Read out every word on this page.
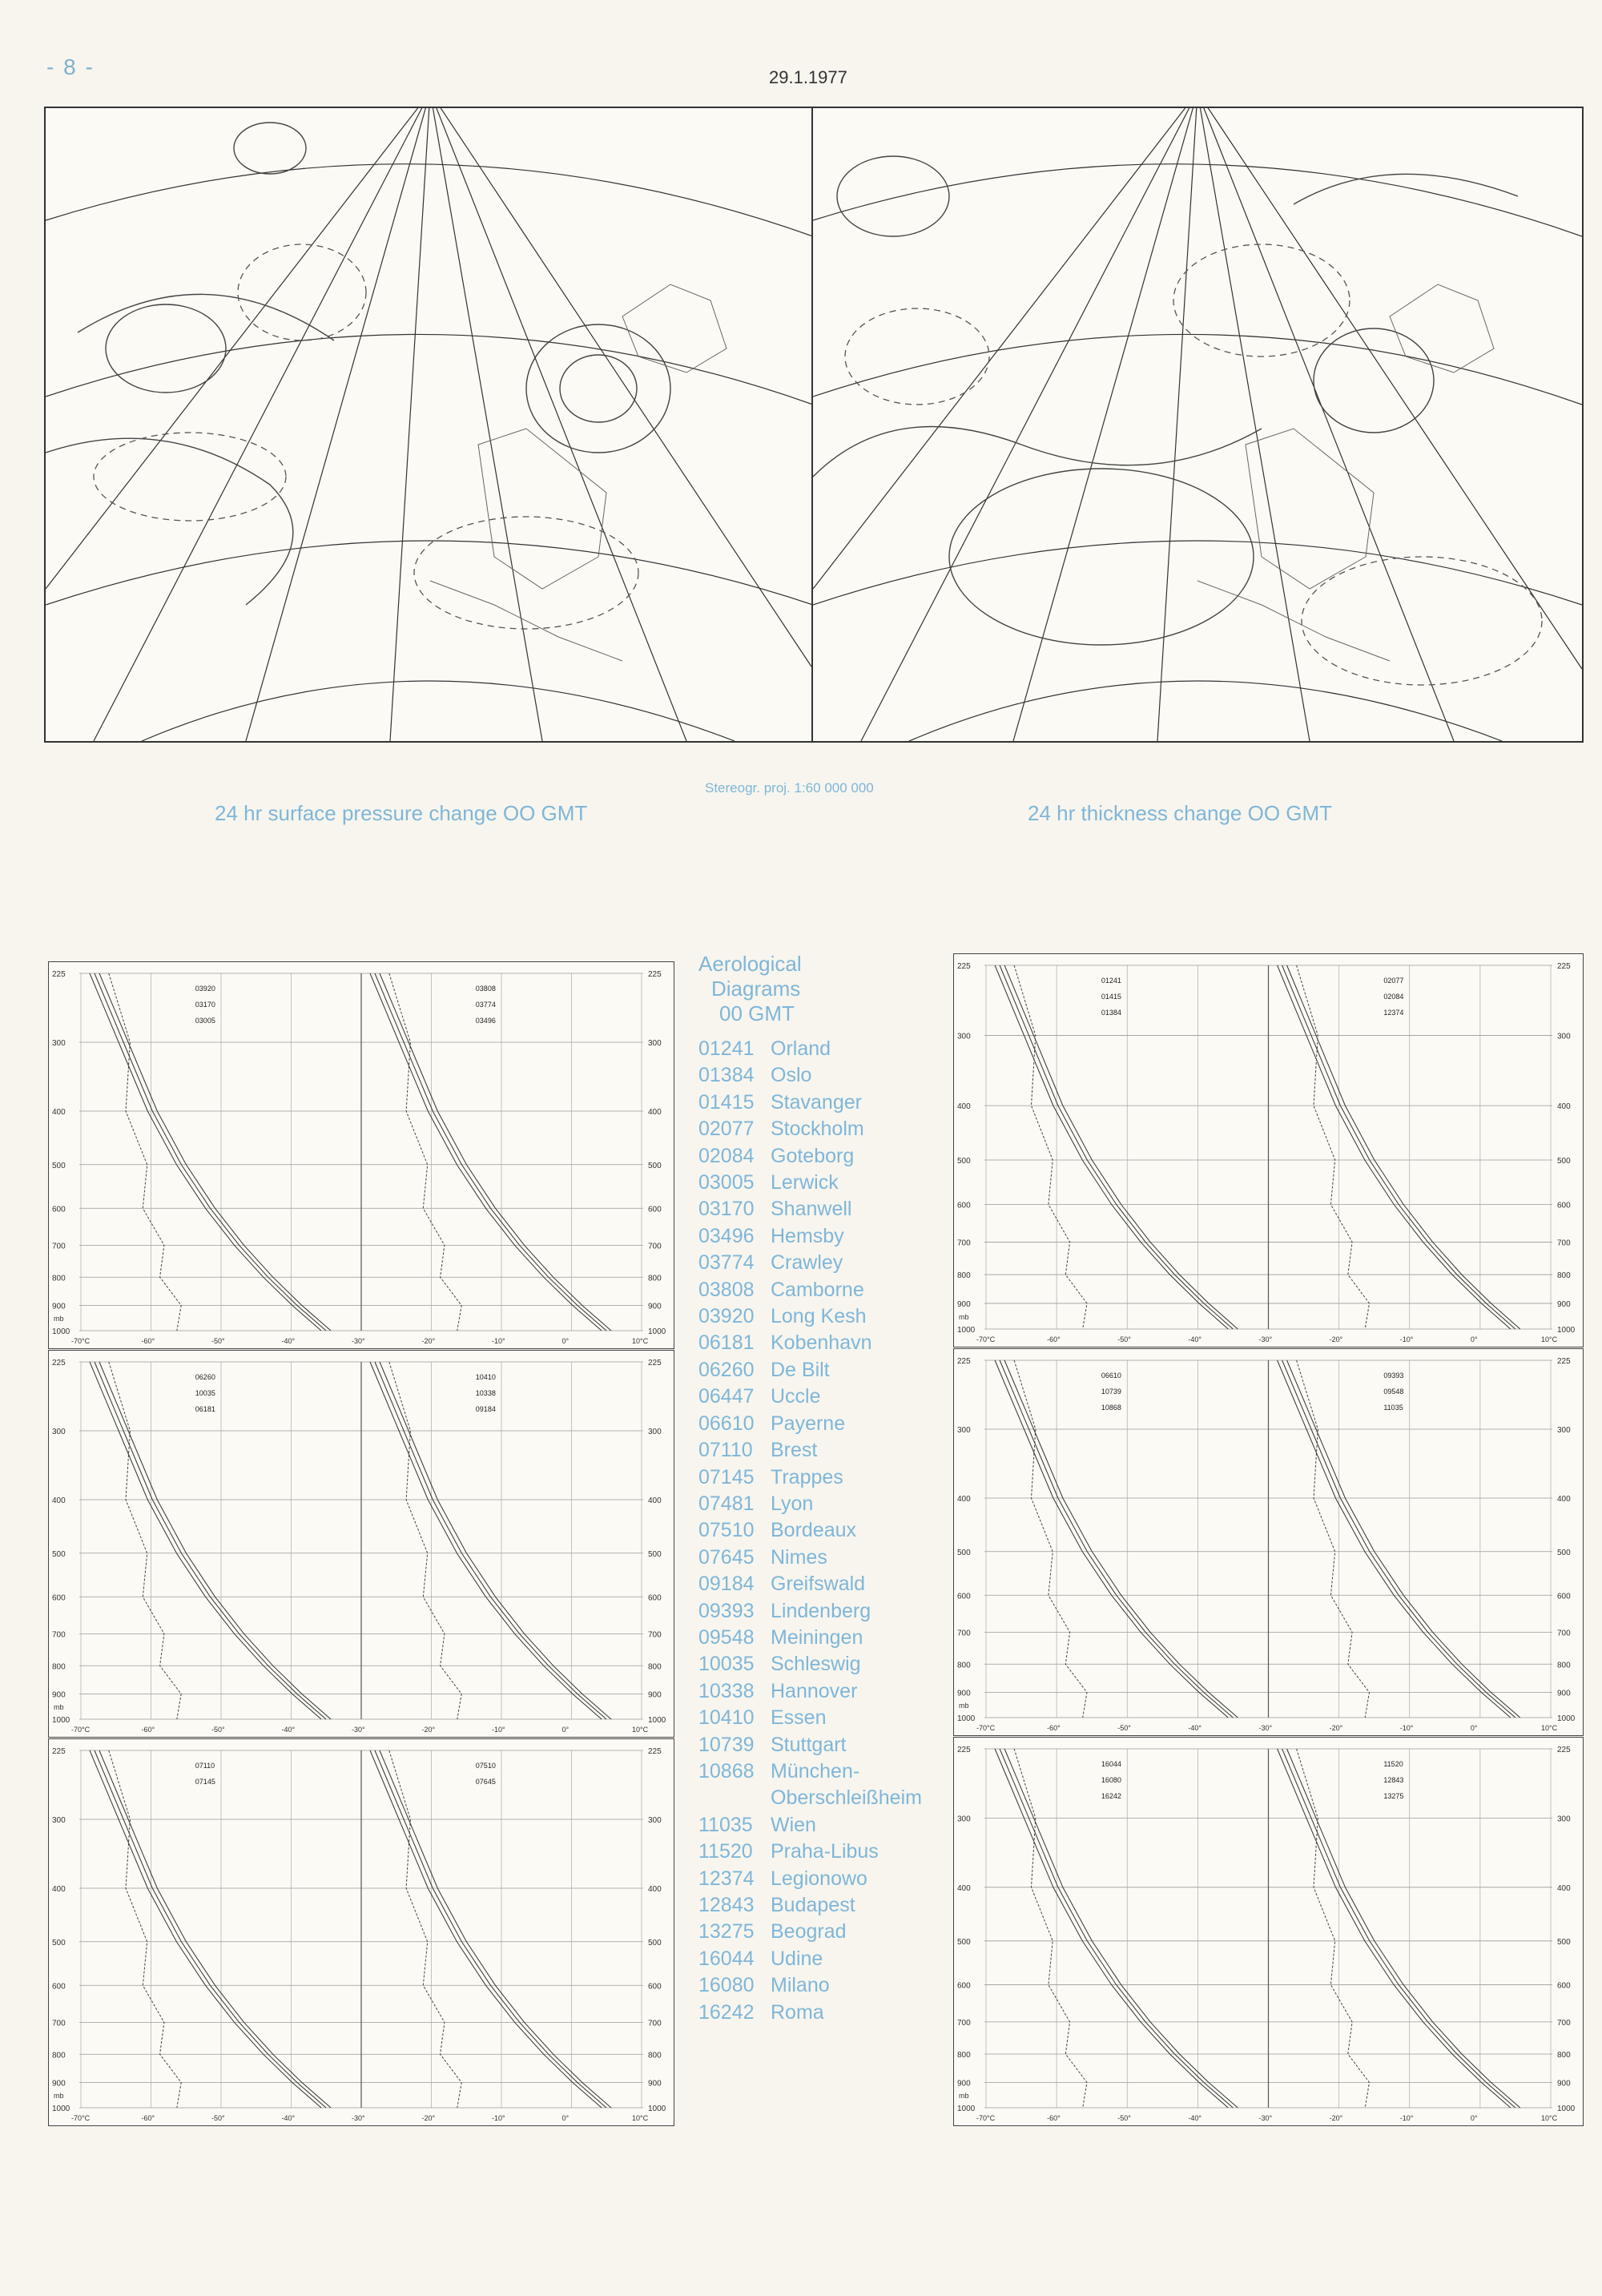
- 8 -	29.1.1977
Stereogr. proj. 1:60 000 000
24 hr surface pressure change OO GMT	24 hr thickness change OO GMT
Aerological
Diagrams
00 GMT
01241 Orland
01384 Oslo
01415 Stavanger
02077 Stockholm
02084 Goteborg
03005 Lerwick
03170 Shanwell
03496 Hemsby
03774 Crawley
03808 Camborne
03920 Long Kesh
06181 Kobenhavn
06260 De Bilt
06447 Uccle
06610 Payerne
07110 Brest
07145 Trappes
07481 Lyon
07510 Bordeaux
07645 Nimes
09184 Greifswald
09393 Lindenberg
09548 Meiningen
10035 Schleswig
10338 Hannover
10410 Essen
10739 Stuttgart
10868 München-
Oberschleißheim
11035 Wien
11520 Praha-Libus
12374 Legionowo
12843 Budapest
13275 Beograd
16044 Udine
16080 Milano
16242 Roma
225	225
300	300
400	400
500	500
600	600
700	700
800	800
900	900
1000	1000
mb
-70°C	-60°	-50°	-40°	-30°	-20°	-10°	0°	10°C
03920
03170
03005
03808
03774
03496
225	225
300	300
400	400
500	500
600	600
700	700
800	800
900	900
1000	1000
mb
-70°C	-60°	-50°	-40°	-30°	-20°	-10°	0°	10°C
06260
10035
06181
10410
10338
09184
225	225
300	300
400	400
500	500
600	600
700	700
800	800
900	900
1000	1000
mb
-70°C	-60°	-50°	-40°	-30°	-20°	-10°	0°	10°C
07110
07145
07510
07645
225	225
300	300
400	400
500	500
600	600
700	700
800	800
900	900
1000	1000
mb
-70°C	-60°	-50°	-40°	-30°	-20°	-10°	0°	10°C
01241
01415
01384
02077
02084
12374
225	225
300	300
400	400
500	500
600	600
700	700
800	800
900	900
1000	1000
mb
-70°C	-60°	-50°	-40°	-30°	-20°	-10°	0°	10°C
06610
10739
10868
09393
09548
11035
225	225
300	300
400	400
500	500
600	600
700	700
800	800
900	900
1000	1000
mb
-70°C	-60°	-50°	-40°	-30°	-20°	-10°	0°	10°C
16044
16080
16242
11520
12843
13275
